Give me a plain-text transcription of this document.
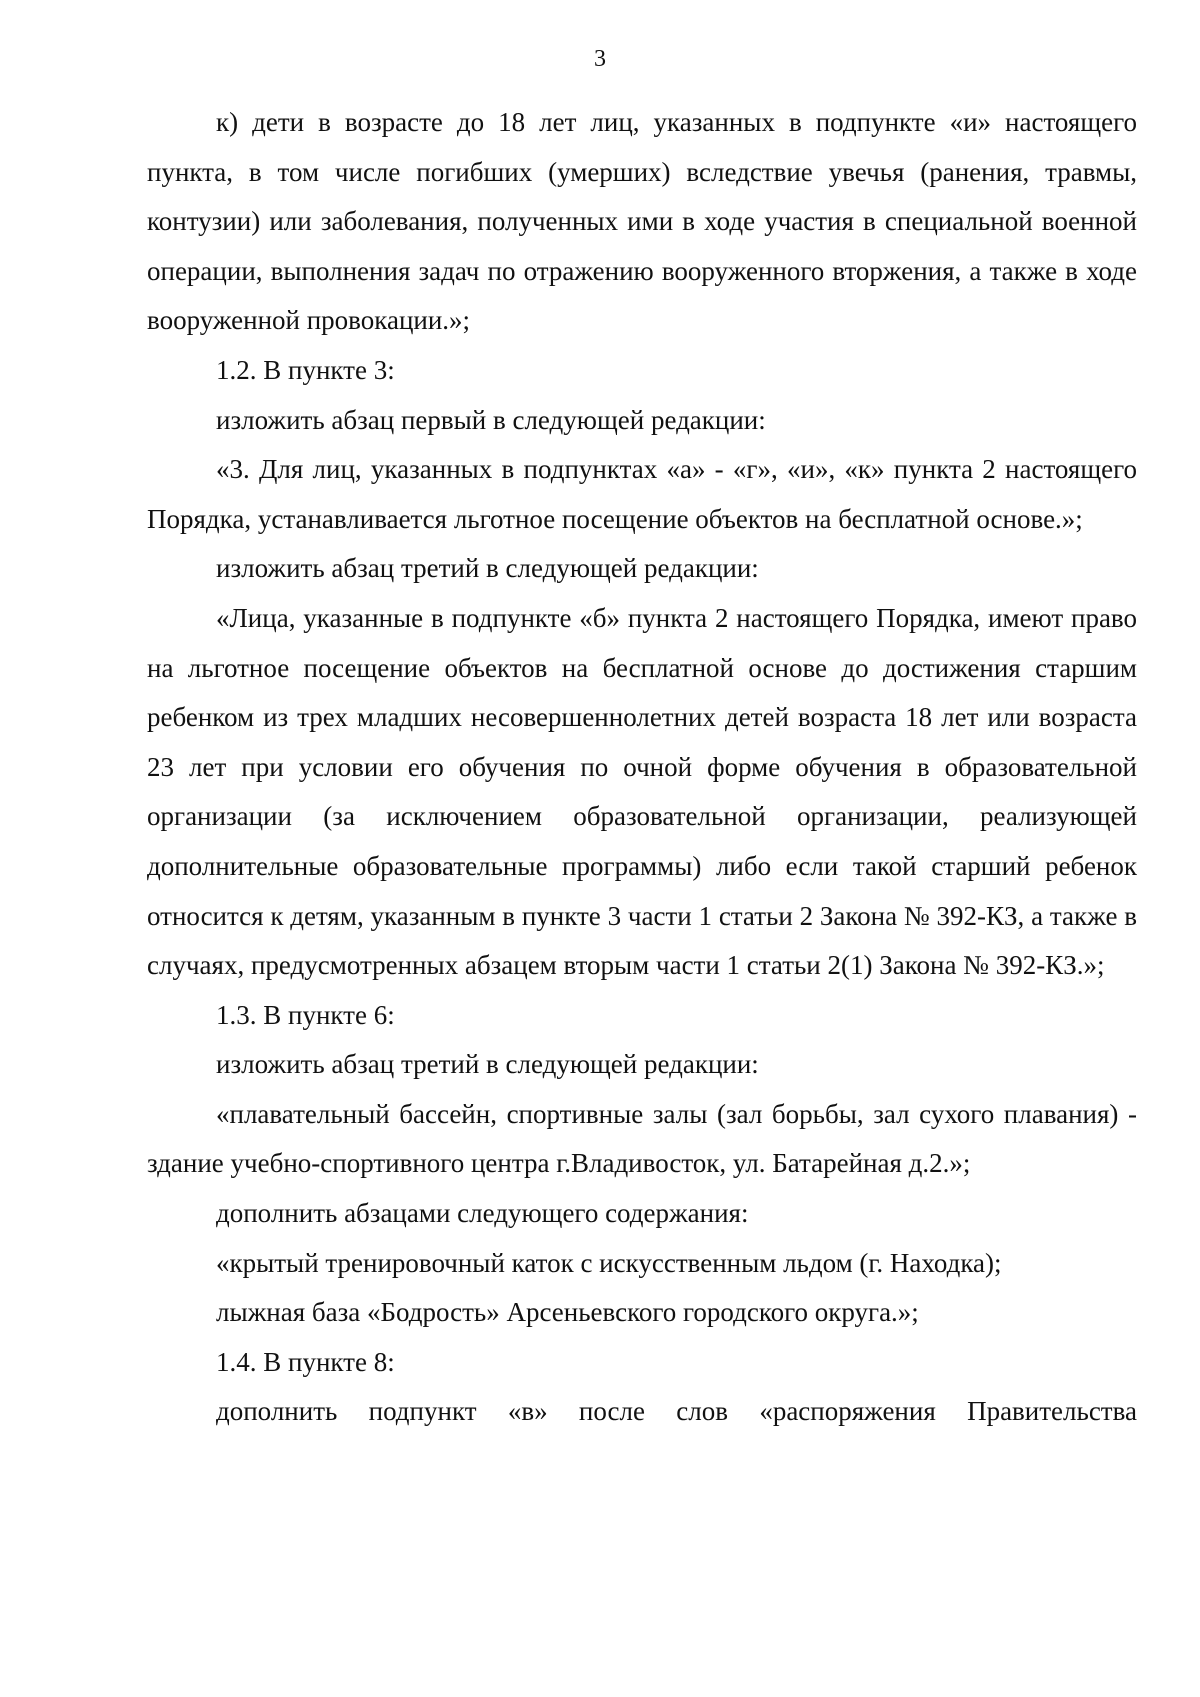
3

к) дети в возрасте до 18 лет лиц, указанных в подпункте «и» настоящего пункта, в том числе погибших (умерших) вследствие увечья (ранения, травмы, контузии) или заболевания, полученных ими в ходе участия в специальной военной операции, выполнения задач по отражению вооруженного вторжения, а также в ходе вооруженной провокации.»;

1.2. В пункте 3:

изложить абзац первый в следующей редакции:

«3. Для лиц, указанных в подпунктах «а» - «г», «и», «к» пункта 2 настоящего Порядка, устанавливается льготное посещение объектов на бесплатной основе.»;

изложить абзац третий в следующей редакции:

«Лица, указанные в подпункте «б» пункта 2 настоящего Порядка, имеют право на льготное посещение объектов на бесплатной основе до достижения старшим ребенком из трех младших несовершеннолетних детей возраста 18 лет или возраста 23 лет при условии его обучения по очной форме обучения в образовательной организации (за исключением образовательной организации, реализующей дополнительные образовательные программы) либо если такой старший ребенок относится к детям, указанным в пункте 3 части 1 статьи 2 Закона № 392-КЗ, а также в случаях, предусмотренных абзацем вторым части 1 статьи 2(1) Закона № 392-КЗ.»;

1.3. В пункте 6:

изложить абзац третий в следующей редакции:

«плавательный бассейн, спортивные залы (зал борьбы, зал сухого плавания) - здание учебно-спортивного центра г.Владивосток, ул. Батарейная д.2.»;

дополнить абзацами следующего содержания:

«крытый тренировочный каток с искусственным льдом (г. Находка);

лыжная база «Бодрость» Арсеньевского городского округа.»;

1.4. В пункте 8:

дополнить подпункт «в» после слов «распоряжения Правительства
